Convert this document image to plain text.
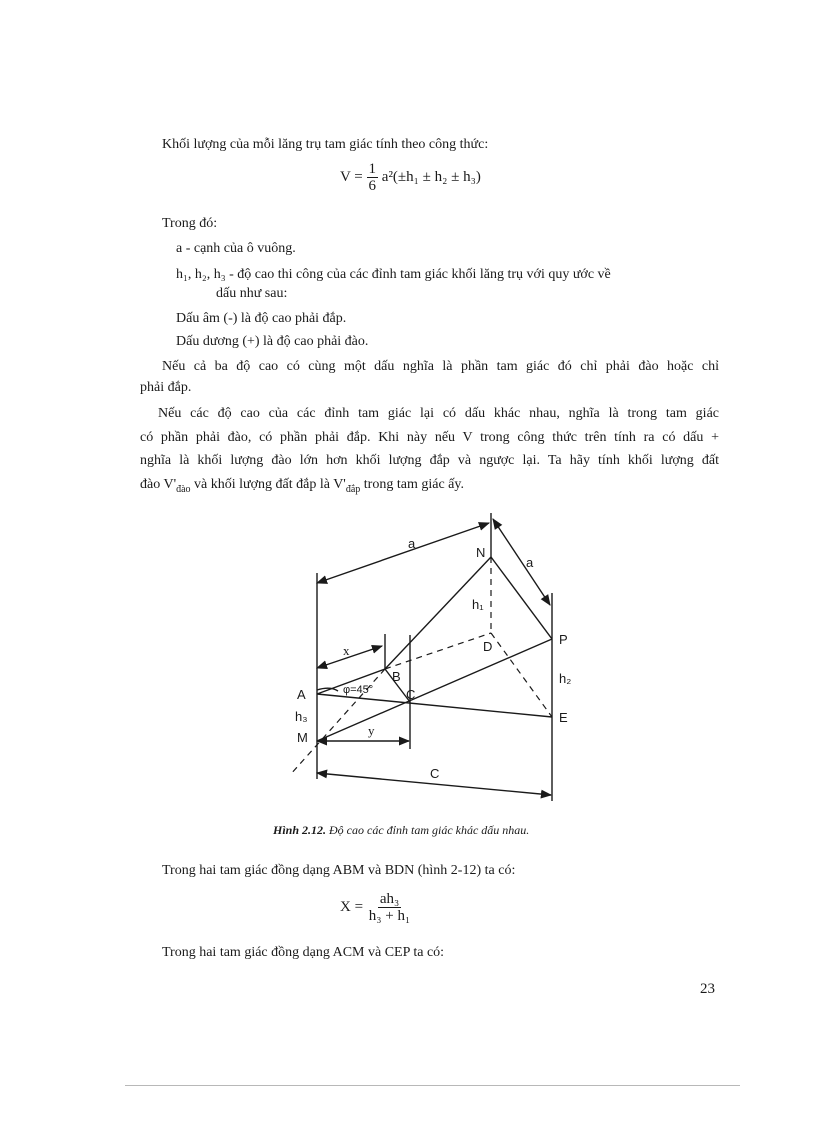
Khối lượng của mỗi lăng trụ tam giác tính theo công thức:
$V = \frac{1}{6} a^2(\pm h_1 \pm h_2 \pm h_3)$
Trong đó:
a - cạnh của ô vuông.
h₁, h₂, h₃ - độ cao thi công của các đỉnh tam giác khối lăng trụ với quy ước về
dấu như sau:
Dấu âm (-) là độ cao phải đắp.
Dấu dương (+) là độ cao phải đào.
Nếu cả ba độ cao có cùng một dấu nghĩa là phần tam giác đó chỉ phải đào hoặc chỉ
phải đắp.
Nếu các độ cao của các đỉnh tam giác lại có dấu khác nhau, nghĩa là trong tam giác
có phần phải đào, có phần phải đắp. Khi này nếu V trong công thức trên tính ra có dấu +
nghĩa là khối lượng đào lớn hơn khối lượng đắp và ngược lại. Ta hãy tính khối lượng đất
đào $V'_{đào}$ và khối lượng đất đắp là $V'_{đắp}$ trong tam giác ấy.
a
a
N
h₁
D	P
x
φ=45°
B
A	C
h₂
h₃	E
M	y
C
Hình 2.12. Độ cao các đỉnh tam giác khác dấu nhau.
Trong hai tam giác đồng dạng ABM và BDN (hình 2-12) ta có:
$X = \frac{\text{ah₃}}{\text{h₃ + h₁}}$
Trong hai tam giác đồng dạng ACM và CEP ta có:
23
